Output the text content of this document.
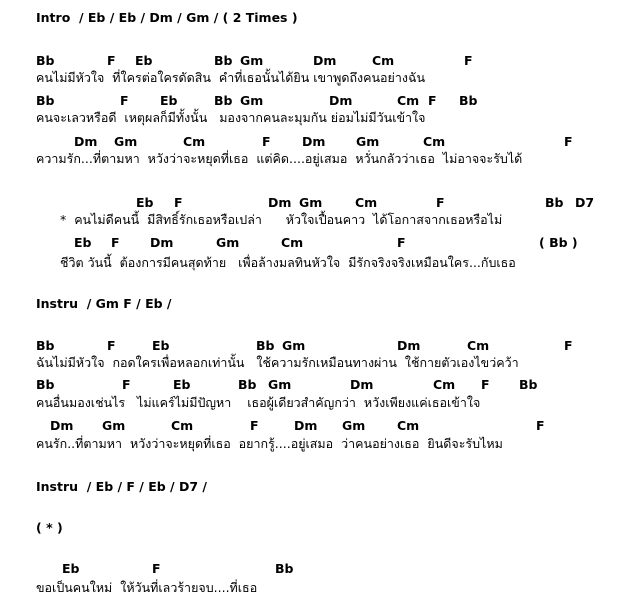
Intro  / Eb / Eb / Dm / Gm / ( 2 Times )
Bb	F Eb	Bb Gm	Dm	Cm	F
คนไม่มีหัวใจ  ที่ใครต่อใครดัดสิน  คำที่เธอนั้นได้ยิน เขาพูดถึงคนอย่างฉัน
Bb	F	Eb	Bb Gm	Dm	Cm F Bb
คนจะเลวหรือดี  เหตุผลก็มีทั้งนั้น   มองจากคนละมุมกัน ย่อมไม่มีวันเข้าใจ
Dm Gm	Cm	F	Dm Gm	Cm	F
ความรัก...ที่ตามหา  หวังว่าจะหยุดที่เธอ  แต่คิด....อยู่เสมอ  หวั่นกลัวว่าเธอ  ไม่อาจจะรับได้
Eb F	Dm Gm	Cm	F	Bb D7
*  คนไม่ดีคนนี้  มีสิทธิ์รักเธอหรือเปล่า      หัวใจเปื้อนคาว  ได้โอกาสจากเธอหรือไม่
Eb F Dm	Gm	Cm	F	( Bb )
ชีวิต วันนี้  ต้องการมีคนสุดท้าย   เพื่อล้างมลทินหัวใจ  มีรักจริงจริงเหมือนใคร...กับเธอ
Instru  / Gm F / Eb /
Bb	F	Eb	Bb Gm	Dm	Cm	F
ฉันไม่มีหัวใจ  กอดใครเพื่อหลอกเท่านั้น   ใช้ความรักเหมือนทางผ่าน  ใช้กายตัวเองไขว่คว้า
Bb	F	Eb	Bb Gm	Dm	Cm F Bb
คนอื่นมองเช่นไร   ไม่แคร์ไม่มีปัญหา    เธอผู้เดียวสำคัญกว่า  หวังเพียงแค่เธอเข้าใจ
Dm Gm	Cm	F	Dm Gm	Cm	F
คนรัก..ที่ตามหา  หวังว่าจะหยุดที่เธอ  อยากรู้....อยู่เสมอ  ว่าคนอย่างเธอ  ยินดีจะรับไหม
Instru  / Eb / F / Eb / D7 /
( * )
Eb	F	Bb
ขอเป็นคนใหม่  ให้วันที่เลวร้ายจบ....ที่เธอ
